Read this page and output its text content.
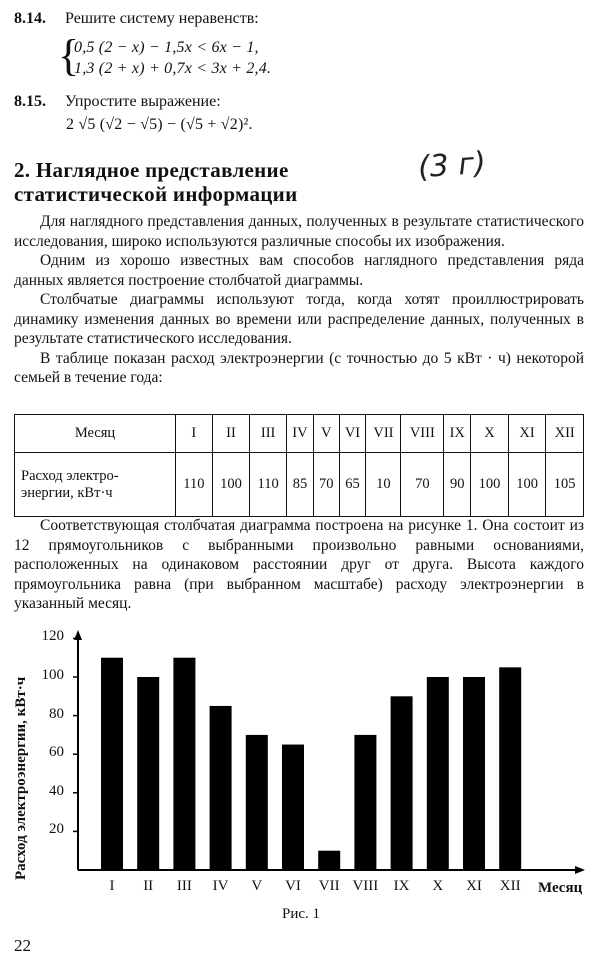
8.14. Решите систему неравенств:
{
0,5 (2 − x) − 1,5x < 6x − 1,
1,3 (2 + x) + 0,7x < 3x + 2,4.
8.15. Упростите выражение:
2 √5 (√2 − √5) − (√5 + √2)².
2. Наглядное представление
статистической информации
(3 г)

Для наглядного представления данных, полученных в результате статистического исследования, широко используются различные способы их изображения.

Одним из хорошо известных вам способов наглядного представления ряда данных является построение столбчатой диаграммы.

Столбчатые диаграммы используют тогда, когда хотят проиллюстрировать динамику изменения данных во времени или распределение данных, полученных в результате статистического исследования.

В таблице показан расход электроэнергии (с точностью до 5 кВт · ч) некоторой семьей в течение года:

Месяц	I	II	III	IV	V	VI	VII	VIII	IX	X	XI	XII
Расход электро-
энергии, кВт·ч	110	100	110	85	70	65	10	70	90	100	100	105

Соответствующая столбчатая диаграмма построена на рисунке 1. Она состоит из 12 прямоугольников с выбранными произвольно равными основаниями, расположенных на одинаковом расстоянии друг от друга. Высота каждого прямоугольника равна (при выбранном масштабе) расходу электроэнергии в указанный месяц.

Расход электроэнергии, кВт·ч	20
40
60
80
100
120
I	II	III	IV	V	VI	VII VIII	IX	X	XI	XII	Месяц
Рис. 1
22
